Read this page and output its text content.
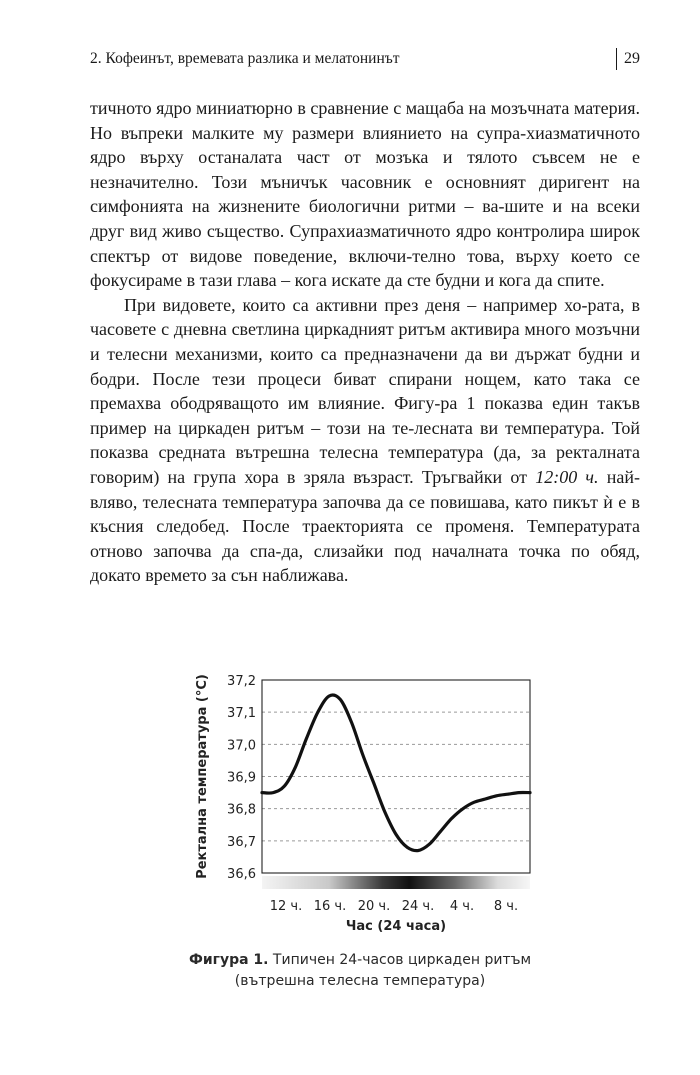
2. Кофеинът, времевата разлика и мелатонинът	29

тичното ядро миниатюрно в сравнение с мащаба на мозъчната материя. Но въпреки малките му размери влиянието на супра-хиазматичното ядро върху останалата част от мозъка и тялото съвсем не е незначително. Този мъничък часовник е основният диригент на симфонията на жизнените биологични ритми – ва-шите и на всеки друг вид живо същество. Супрахиазматичното ядро контролира широк спектър от видове поведение, включи-телно това, върху което се фокусираме в тази глава – кога искате да сте будни и кога да спите.

При видовете, които са активни през деня – например хо-рата, в часовете с дневна светлина циркадният ритъм активира много мозъчни и телесни механизми, които са предназначени да ви държат будни и бодри. После тези процеси биват спирани нощем, като така се премахва ободряващото им влияние. Фигу-ра 1 показва един такъв пример на циркаден ритъм – този на те-лесната ви температура. Той показва средната вътрешна телесна температура (да, за ректалната говорим) на група хора в зряла възраст. Тръгвайки от 12:00 ч. най-вляво, телесната температура започва да се повишава, като пикът ѝ е в късния следобед. После траекторията се променя. Температурата отново започва да спа-да, слизайки под началната точка по обяд, докато времето за сън наближава.

37,2
37,1
37,0
36,9
36,8
36,7
36,6
12 ч. 16 ч. 20 ч. 24 ч. 4 ч. 8 ч.
Час (24 часа)
Ректална температура (°C)
Фигура 1. Типичен 24-часов циркаден ритъм
(вътрешна телесна температура)
